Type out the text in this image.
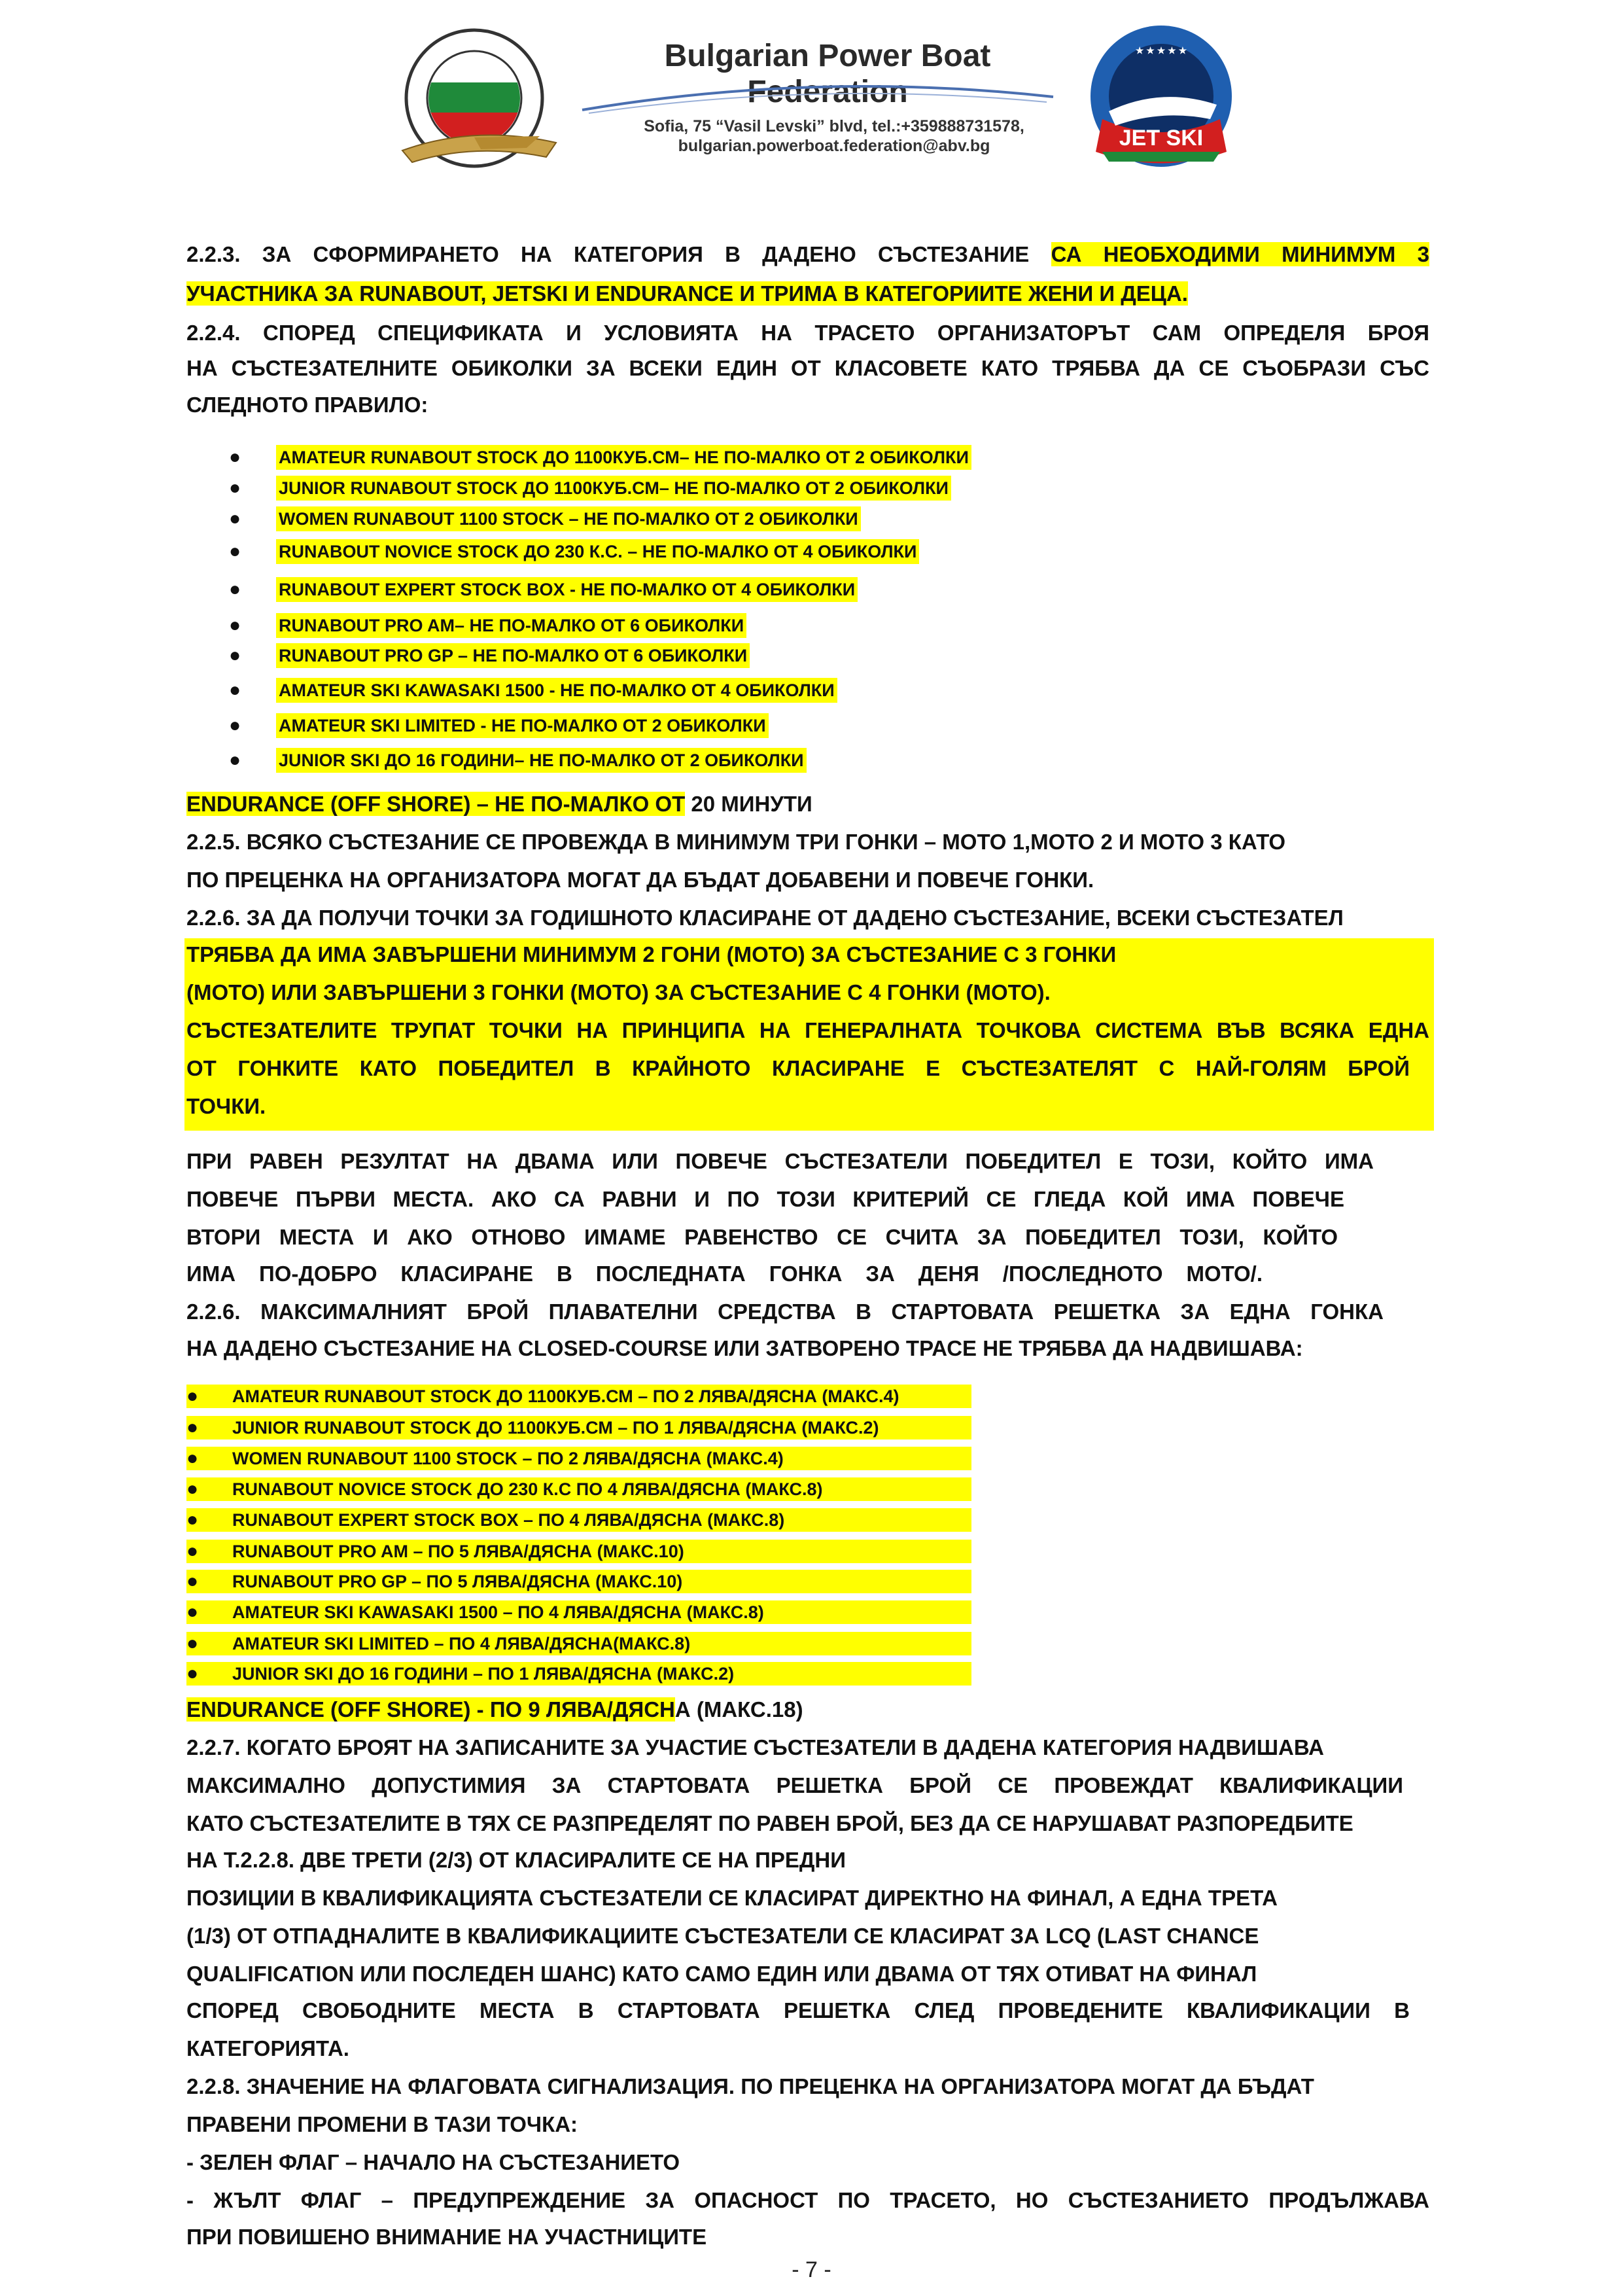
Bulgarian Power Boat Federation
Sofia, 75 “Vasil Levski” blvd, tel.:+359888731578,
bulgarian.powerboat.federation@abv.bg	JET SKI
★ ★ ★ ★ ★
2.2.3. ЗА СФОРМИРАНЕТО НА КАТЕГОРИЯ В ДАДЕНО СЪСТЕЗАНИЕ СА НЕОБХОДИМИ МИНИМУМ 3
УЧАСТНИКА ЗА RUNABOUT, JETSKI И ENDURANCE И ТРИМА В КАТЕГОРИИТЕ ЖЕНИ И ДЕЦА.
2.2.4. СПОРЕД СПЕЦИФИКАТА И УСЛОВИЯТА НА ТРАСЕТО ОРГАНИЗАТОРЪТ САМ ОПРЕДЕЛЯ БРОЯ
НА СЪСТЕЗАТЕЛНИТЕ ОБИКОЛКИ ЗА ВСЕКИ ЕДИН ОТ КЛАСОВЕТЕ КАТО ТРЯБВА ДА СЕ СЪОБРАЗИ СЪС
СЛЕДНОТО ПРАВИЛО:
● AMATEUR RUNABOUT STOCK ДО 1100КУБ.СМ– НЕ ПО-МАЛКО ОТ 2 ОБИКОЛКИ
● JUNIOR RUNABOUT STOCK ДО 1100КУБ.СМ– НЕ ПО-МАЛКО ОТ 2 ОБИКОЛКИ
● WOMEN RUNABOUT 1100 STOCK – НЕ ПО-МАЛКО ОТ 2 ОБИКОЛКИ
● RUNABOUT NOVICE STOCK ДО 230 К.С. – НЕ ПО-МАЛКО ОТ 4 ОБИКОЛКИ
● RUNABOUT EXPERT STOCK BOX - НЕ ПО-МАЛКО ОТ 4 ОБИКОЛКИ
● RUNABOUT PRO AM– НЕ ПО-МАЛКО ОТ 6 ОБИКОЛКИ
● RUNABOUT PRO GP – НЕ ПО-МАЛКО ОТ 6 ОБИКОЛКИ
● AMATEUR SKI KAWASAKI 1500 - НЕ ПО-МАЛКО ОТ 4 ОБИКОЛКИ
● AMATEUR SKI LIMITED - НЕ ПО-МАЛКО ОТ 2 ОБИКОЛКИ
● JUNIOR SKI ДО 16 ГОДИНИ– НЕ ПО-МАЛКО ОТ 2 ОБИКОЛКИ
ENDURANCE (OFF SHORE) – НЕ ПО-МАЛКО ОТ 20 МИНУТИ
2.2.5. ВСЯКО СЪСТЕЗАНИЕ СЕ ПРОВЕЖДА В МИНИМУМ ТРИ ГОНКИ – МОТО 1,МОТО 2 И МОТО 3 КАТО
ПО ПРЕЦЕНКА НА ОРГАНИЗАТОРА МОГАТ ДА БЪДАТ ДОБАВЕНИ И ПОВЕЧЕ ГОНКИ.
2.2.6. ЗА ДА ПОЛУЧИ ТОЧКИ ЗА ГОДИШНОТО КЛАСИРАНЕ ОТ ДАДЕНО СЪСТЕЗАНИЕ, ВСЕКИ СЪСТЕЗАТЕЛ
ТРЯБВА ДА ИМА ЗАВЪРШЕНИ МИНИМУМ 2 ГОНИ (МОТО) ЗА СЪСТЕЗАНИЕ С 3 ГОНКИ
(МОТО) ИЛИ ЗАВЪРШЕНИ 3 ГОНКИ (МОТО) ЗА СЪСТЕЗАНИЕ С 4 ГОНКИ (МОТО).
СЪСТЕЗАТЕЛИТЕ ТРУПАТ ТОЧКИ НА ПРИНЦИПА НА ГЕНЕРАЛНАТА ТОЧКОВА СИСТЕМА ВЪВ ВСЯКА ЕДНА
ОТ ГОНКИТЕ КАТО ПОБЕДИТЕЛ В КРАЙНОТО КЛАСИРАНЕ Е СЪСТЕЗАТЕЛЯТ С НАЙ-ГОЛЯМ БРОЙ
ТОЧКИ.
ПРИ РАВЕН РЕЗУЛТАТ НА ДВАМА ИЛИ ПОВЕЧЕ СЪСТЕЗАТЕЛИ ПОБЕДИТЕЛ Е ТОЗИ, КОЙТО ИМА
ПОВЕЧЕ ПЪРВИ МЕСТА. АКО СА РАВНИ И ПО ТОЗИ КРИТЕРИЙ СЕ ГЛЕДА КОЙ ИМА ПОВЕЧЕ
ВТОРИ МЕСТА И АКО ОТНОВО ИМАМЕ РАВЕНСТВО СЕ СЧИТА ЗА ПОБЕДИТЕЛ ТОЗИ, КОЙТО
ИМА ПО-ДОБРО КЛАСИРАНЕ В ПОСЛЕДНАТА ГОНКА ЗА ДЕНЯ /ПОСЛЕДНОТО МОТО/.
2.2.6. МАКСИМАЛНИЯТ БРОЙ ПЛАВАТЕЛНИ СРЕДСТВА В СТАРТОВАТА РЕШЕТКА ЗА ЕДНА ГОНКА
НА ДАДЕНО СЪСТЕЗАНИЕ НА CLOSED-COURSE ИЛИ ЗАТВОРЕНО ТРАСЕ НЕ ТРЯБВА ДА НАДВИШАВА:
AMATEUR RUNABOUT STOCK ДО 1100КУБ.СМ – ПО 2 ЛЯВА/ДЯСНА (МАКС.4)
●
JUNIOR RUNABOUT STOCK ДО 1100КУБ.СМ – ПО 1 ЛЯВА/ДЯСНА (МАКС.2)
●
WOMEN RUNABOUT 1100 STOCK – ПО 2 ЛЯВА/ДЯСНА (МАКС.4)
●
RUNABOUT NOVICE STOCK ДО 230 К.С ПО 4 ЛЯВА/ДЯСНА (МАКС.8)
●
RUNABOUT EXPERT STOCK BOX – ПО 4 ЛЯВА/ДЯСНА (МАКС.8)
●
RUNABOUT PRO AM – ПО 5 ЛЯВА/ДЯСНА (МАКС.10)
●
RUNABOUT PRO GP – ПО 5 ЛЯВА/ДЯСНА (МАКС.10)
●
AMATEUR SKI KAWASAKI 1500 – ПО 4 ЛЯВА/ДЯСНА (МАКС.8)
●
AMATEUR SKI LIMITED – ПО 4 ЛЯВА/ДЯСНА(МАКС.8)
●
JUNIOR SKI ДО 16 ГОДИНИ – ПО 1 ЛЯВА/ДЯСНА (МАКС.2)
●
ENDURANCE (OFF SHORE) - ПО 9 ЛЯВА/ДЯСНА (МАКС.18)
2.2.7. КОГАТО БРОЯТ НА ЗАПИСАНИТЕ ЗА УЧАСТИЕ СЪСТЕЗАТЕЛИ В ДАДЕНА КАТЕГОРИЯ НАДВИШАВА
МАКСИМАЛНО ДОПУСТИМИЯ ЗА СТАРТОВАТА РЕШЕТКА БРОЙ СЕ ПРОВЕЖДАТ КВАЛИФИКАЦИИ
КАТО СЪСТЕЗАТЕЛИТЕ В ТЯХ СЕ РАЗПРЕДЕЛЯТ ПО РАВЕН БРОЙ, БЕЗ ДА СЕ НАРУШАВАТ РАЗПОРЕДБИТЕ
НА Т.2.2.8. ДВЕ ТРЕТИ (2/3) ОТ КЛАСИРАЛИТЕ СЕ НА ПРЕДНИ
ПОЗИЦИИ В КВАЛИФИКАЦИЯТА СЪСТЕЗАТЕЛИ СЕ КЛАСИРАТ ДИРЕКТНО НА ФИНАЛ, А ЕДНА ТРЕТА
(1/3) ОТ ОТПАДНАЛИТЕ В КВАЛИФИКАЦИИТЕ СЪСТЕЗАТЕЛИ СЕ КЛАСИРАТ ЗА LCQ (LAST CHANCE
QUALIFICATION ИЛИ ПОСЛЕДЕН ШАНС) КАТО САМО ЕДИН ИЛИ ДВАМА ОТ ТЯХ ОТИВАТ НА ФИНАЛ
СПОРЕД СВОБОДНИТЕ МЕСТА В СТАРТОВАТА РЕШЕТКА СЛЕД ПРОВЕДЕНИТЕ КВАЛИФИКАЦИИ В
КАТЕГОРИЯТА.
2.2.8. ЗНАЧЕНИЕ НА ФЛАГОВАТА СИГНАЛИЗАЦИЯ. ПО ПРЕЦЕНКА НА ОРГАНИЗАТОРА МОГАТ ДА БЪДАТ
ПРАВЕНИ ПРОМЕНИ В ТАЗИ ТОЧКА:
- ЗЕЛЕН ФЛАГ – НАЧАЛО НА СЪСТЕЗАНИЕТО
- ЖЪЛТ ФЛАГ – ПРЕДУПРЕЖДЕНИЕ ЗА ОПАСНОСТ ПО ТРАСЕТО, НО СЪСТЕЗАНИЕТО ПРОДЪЛЖАВА
ПРИ ПОВИШЕНО ВНИМАНИЕ НА УЧАСТНИЦИТЕ
- 7 -
